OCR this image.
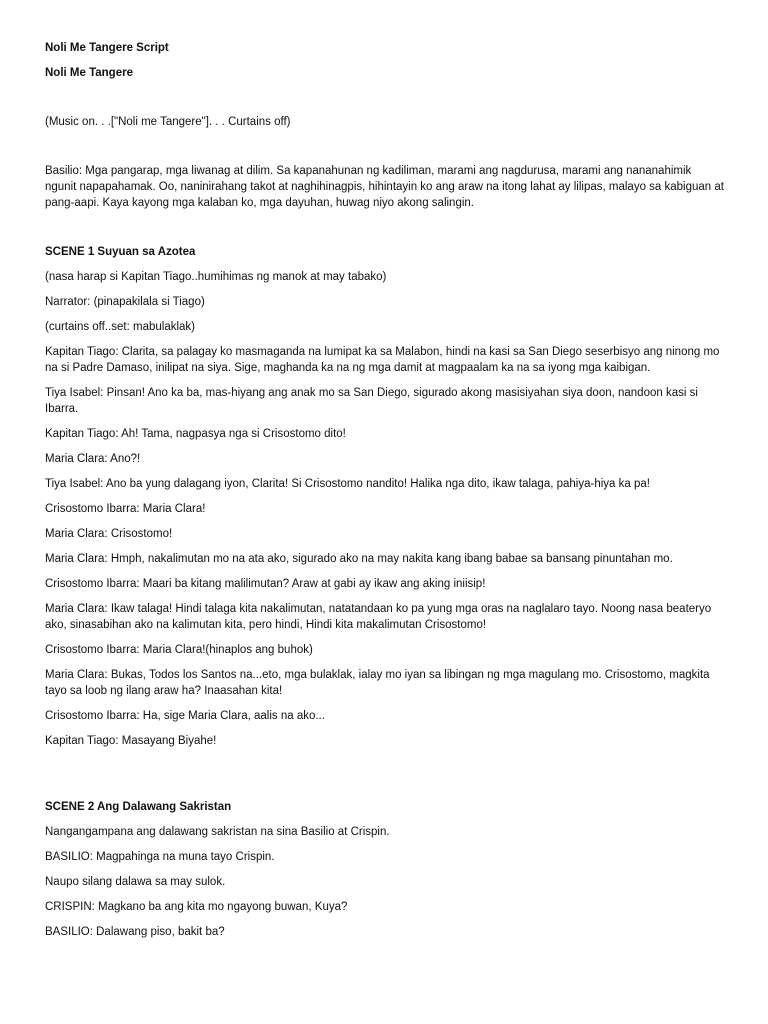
Noli Me Tangere Script

Noli Me Tangere

(Music on. . .["Noli me Tangere"]. . . Curtains off)

Basilio: Mga pangarap, mga liwanag at dilim. Sa kapanahunan ng kadiliman, marami ang nagdurusa, marami ang nananahimik ngunit napapahamak. Oo, naninirahang takot at naghihinagpis, hihintayin ko ang araw na itong lahat ay lilipas, malayo sa kabiguan at pang-aapi. Kaya kayong mga kalaban ko, mga dayuhan, huwag niyo akong salingin.

SCENE 1 Suyuan sa Azotea

(nasa harap si Kapitan Tiago..humihimas ng manok at may tabako)

Narrator: (pinapakilala si Tiago)

(curtains off..set: mabulaklak)

Kapitan Tiago: Clarita, sa palagay ko masmaganda na lumipat ka sa Malabon, hindi na kasi sa San Diego seserbisyo ang ninong mo na si Padre Damaso, inilipat na siya. Sige, maghanda ka na ng mga damit at magpaalam ka na sa iyong mga kaibigan.

Tiya Isabel: Pinsan! Ano ka ba, mas-hiyang ang anak mo sa San Diego, sigurado akong masisiyahan siya doon, nandoon kasi si Ibarra.

Kapitan Tiago: Ah! Tama, nagpasya nga si Crisostomo dito!

Maria Clara: Ano?!

Tiya Isabel: Ano ba yung dalagang iyon, Clarita! Si Crisostomo nandito! Halika nga dito, ikaw talaga, pahiya-hiya ka pa!

Crisostomo Ibarra: Maria Clara!

Maria Clara: Crisostomo!

Maria Clara: Hmph, nakalimutan mo na ata ako, sigurado ako na may nakita kang ibang babae sa bansang pinuntahan mo.

Crisostomo Ibarra: Maari ba kitang malilimutan? Araw at gabi ay ikaw ang aking iniisip!

Maria Clara: Ikaw talaga! Hindi talaga kita nakalimutan, natatandaan ko pa yung mga oras na naglalaro tayo. Noong nasa beateryo ako, sinasabihan ako na kalimutan kita, pero hindi, Hindi kita makalimutan Crisostomo!

Crisostomo Ibarra: Maria Clara!(hinaplos ang buhok)

Maria Clara: Bukas, Todos los Santos na...eto, mga bulaklak, ialay mo iyan sa libingan ng mga magulang mo. Crisostomo, magkita tayo sa loob ng ilang araw ha? Inaasahan kita!

Crisostomo Ibarra: Ha, sige Maria Clara, aalis na ako...

Kapitan Tiago: Masayang Biyahe!

SCENE 2 Ang Dalawang Sakristan

Nangangampana ang dalawang sakristan na sina Basilio at Crispin.

BASILIO: Magpahinga na muna tayo Crispin.

Naupo silang dalawa sa may sulok.

CRISPIN: Magkano ba ang kita mo ngayong buwan, Kuya?

BASILIO: Dalawang piso, bakit ba?
